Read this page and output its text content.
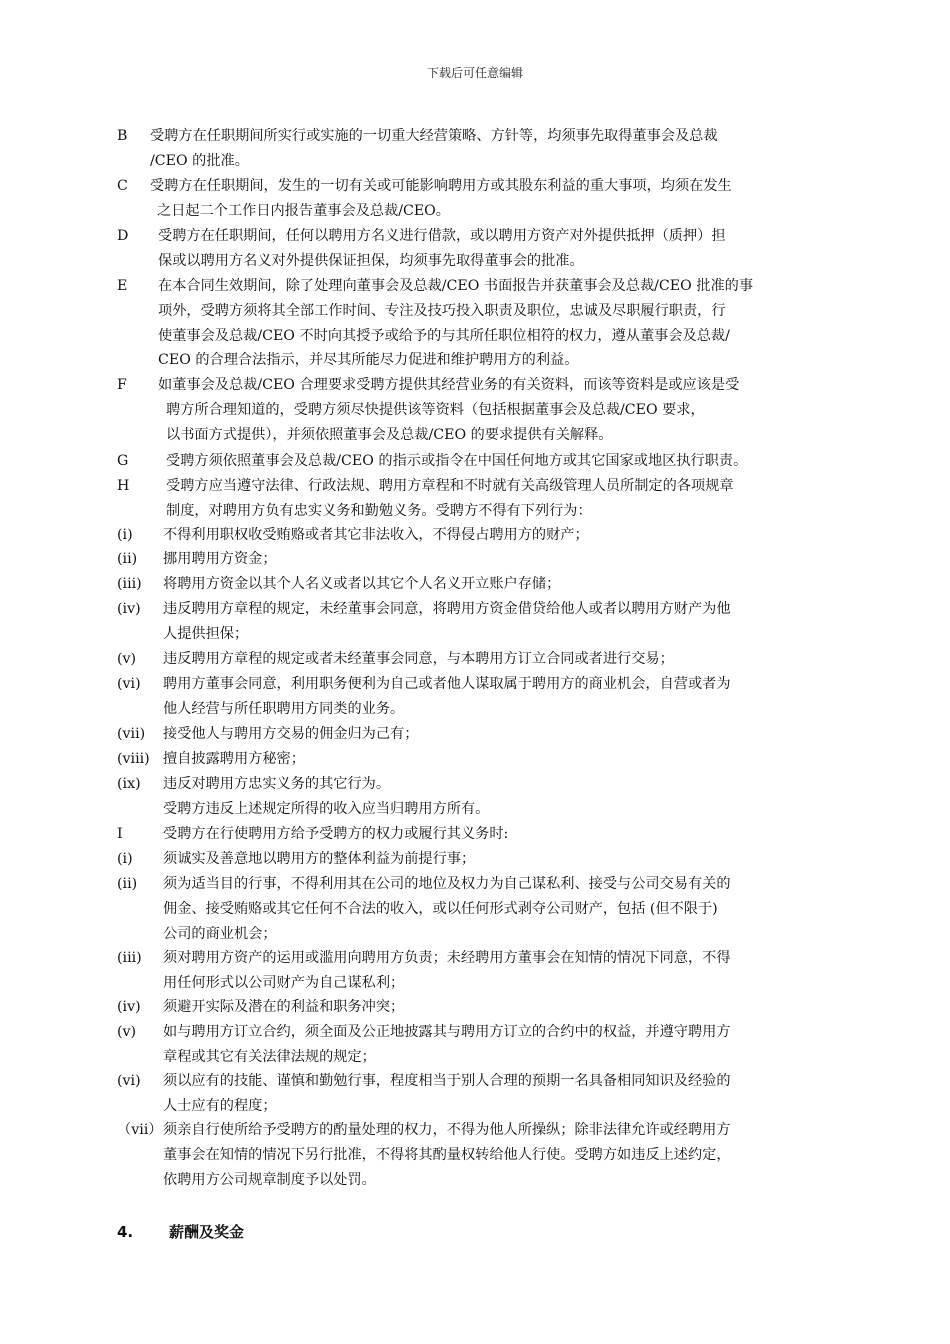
下载后可任意编辑
4. 薪酬及奖金
B 受聘方在任职期间所实行或实施的一切重大经营策略、方针等，均须事先取得董事会及总裁
/CEO 的批准。
C 受聘方在任职期间，发生的一切有关或可能影响聘用方或其股东利益的重大事项，均须在发生
之日起二个工作日内报告董事会及总裁/CEO。
D 受聘方在任职期间，任何以聘用方名义进行借款，或以聘用方资产对外提供抵押（质押）担
保或以聘用方名义对外提供保证担保，均须事先取得董事会的批准。
E 在本合同生效期间，除了处理向董事会及总裁/CEO 书面报告并获董事会及总裁/CEO 批准的事
项外，受聘方须将其全部工作时间、专注及技巧投入职责及职位，忠诚及尽职履行职责，行
使董事会及总裁/CEO 不时向其授予或给予的与其所任职位相符的权力，遵从董事会及总裁/
CEO 的合理合法指示，并尽其所能尽力促进和维护聘用方的利益。
F 如董事会及总裁/CEO 合理要求受聘方提供其经营业务的有关资料，而该等资料是或应该是受
聘方所合理知道的，受聘方须尽快提供该等资料（包括根据董事会及总裁/CEO 要求，
以书面方式提供），并须依照董事会及总裁/CEO 的要求提供有关解释。
G	受聘方须依照董事会及总裁/CEO 的指示或指令在中国任何地方或其它国家或地区执行职责。
H	受聘方应当遵守法律、行政法规、聘用方章程和不时就有关高级管理人员所制定的各项规章
制度，对聘用方负有忠实义务和勤勉义务。受聘方不得有下列行为：
(i) 不得利用职权收受贿赂或者其它非法收入，不得侵占聘用方的财产；
(ii) 挪用聘用方资金；
(iii) 将聘用方资金以其个人名义或者以其它个人名义开立账户存储；
(iv) 违反聘用方章程的规定，未经董事会同意，将聘用方资金借贷给他人或者以聘用方财产为他
人提供担保；
(v) 违反聘用方章程的规定或者未经董事会同意，与本聘用方订立合同或者进行交易；
(vi) 聘用方董事会同意，利用职务便利为自己或者他人谋取属于聘用方的商业机会，自营或者为
他人经营与所任职聘用方同类的业务。
(vii) 接受他人与聘用方交易的佣金归为己有；
(viii) 擅自披露聘用方秘密；
(ix) 违反对聘用方忠实义务的其它行为。
受聘方违反上述规定所得的收入应当归聘用方所有。
I	受聘方在行使聘用方给予受聘方的权力或履行其义务时:
(i) 须诚实及善意地以聘用方的整体利益为前提行事；
(ii) 须为适当目的行事，不得利用其在公司的地位及权力为自己谋私利、接受与公司交易有关的
佣金、接受贿赂或其它任何不合法的收入，或以任何形式剥夺公司财产，包括 (但不限于)
公司的商业机会；
(iii) 须对聘用方资产的运用或滥用向聘用方负责；未经聘用方董事会在知情的情况下同意，不得
用任何形式以公司财产为自己谋私利；
(iv) 须避开实际及潜在的利益和职务冲突；
(v) 如与聘用方订立合约，须全面及公正地披露其与聘用方订立的合约中的权益，并遵守聘用方
章程或其它有关法律法规的规定；
(vi) 须以应有的技能、谨慎和勤勉行事，程度相当于别人合理的预期一名具备相同知识及经验的
人士应有的程度；
（ⅶ） 须亲自行使所给予受聘方的酌量处理的权力，不得为他人所操纵；除非法律允许或经聘用方
董事会在知情的情况下另行批准，不得将其酌量权转给他人行使。受聘方如违反上述约定，
依聘用方公司规章制度予以处罚。
